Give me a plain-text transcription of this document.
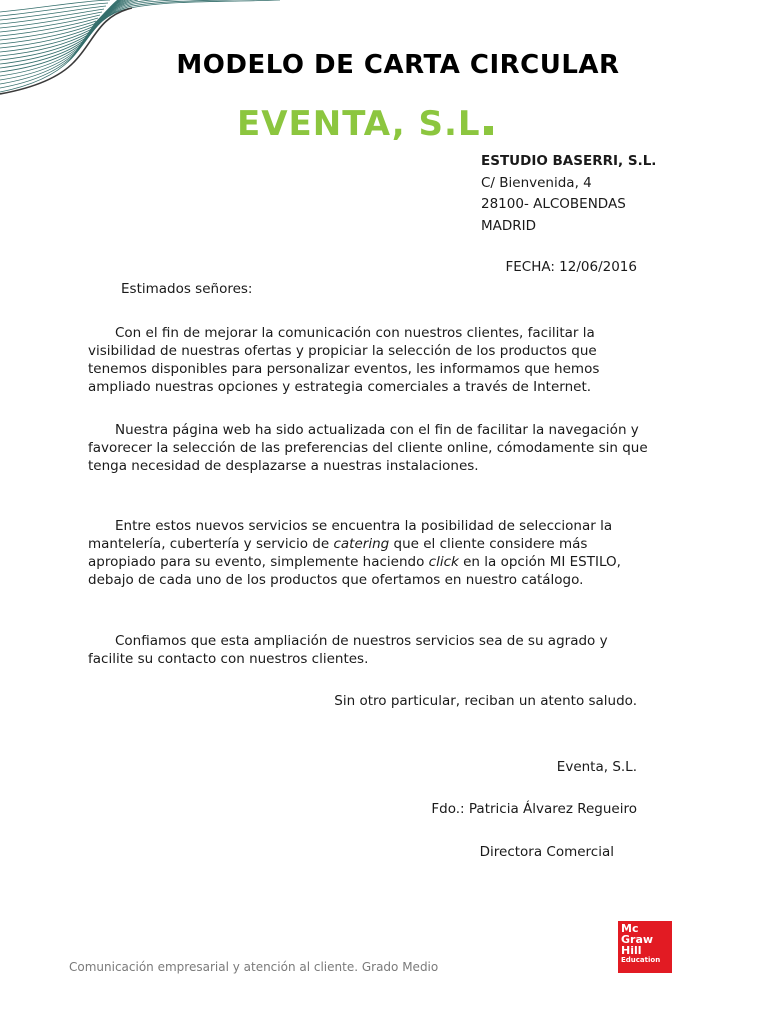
MODELO DE CARTA CIRCULAR
EVENTA, S.L
ESTUDIO BASERRI, S.L.
C/ Bienvenida, 4
28100- ALCOBENDAS
MADRID
FECHA: 12/06/2016
Estimados señores:

Con el fin de mejorar la comunicación con nuestros clientes, facilitar la visibilidad de nuestras ofertas y propiciar la selección de los productos que tenemos disponibles para personalizar eventos, les informamos que hemos ampliado nuestras opciones y estrategia comerciales a través de Internet.

Nuestra página web ha sido actualizada con el fin de facilitar la navegación y favorecer la selección de las preferencias del cliente online, cómodamente sin que tenga necesidad de desplazarse a nuestras instalaciones.

Entre estos nuevos servicios se encuentra la posibilidad de seleccionar la mantelería, cubertería y servicio de catering que el cliente considere más apropiado para su evento, simplemente haciendo click en la opción MI ESTILO, debajo de cada uno de los productos que ofertamos en nuestro catálogo.

Confiamos que esta ampliación de nuestros servicios sea de su agrado y facilite su contacto con nuestros clientes.

Sin otro particular, reciban un atento saludo.
Eventa, S.L.
Fdo.: Patricia Álvarez Regueiro
Directora Comercial
Comunicación empresarial y atención al cliente. Grado Medio
Mc
Graw
Hill
Education
